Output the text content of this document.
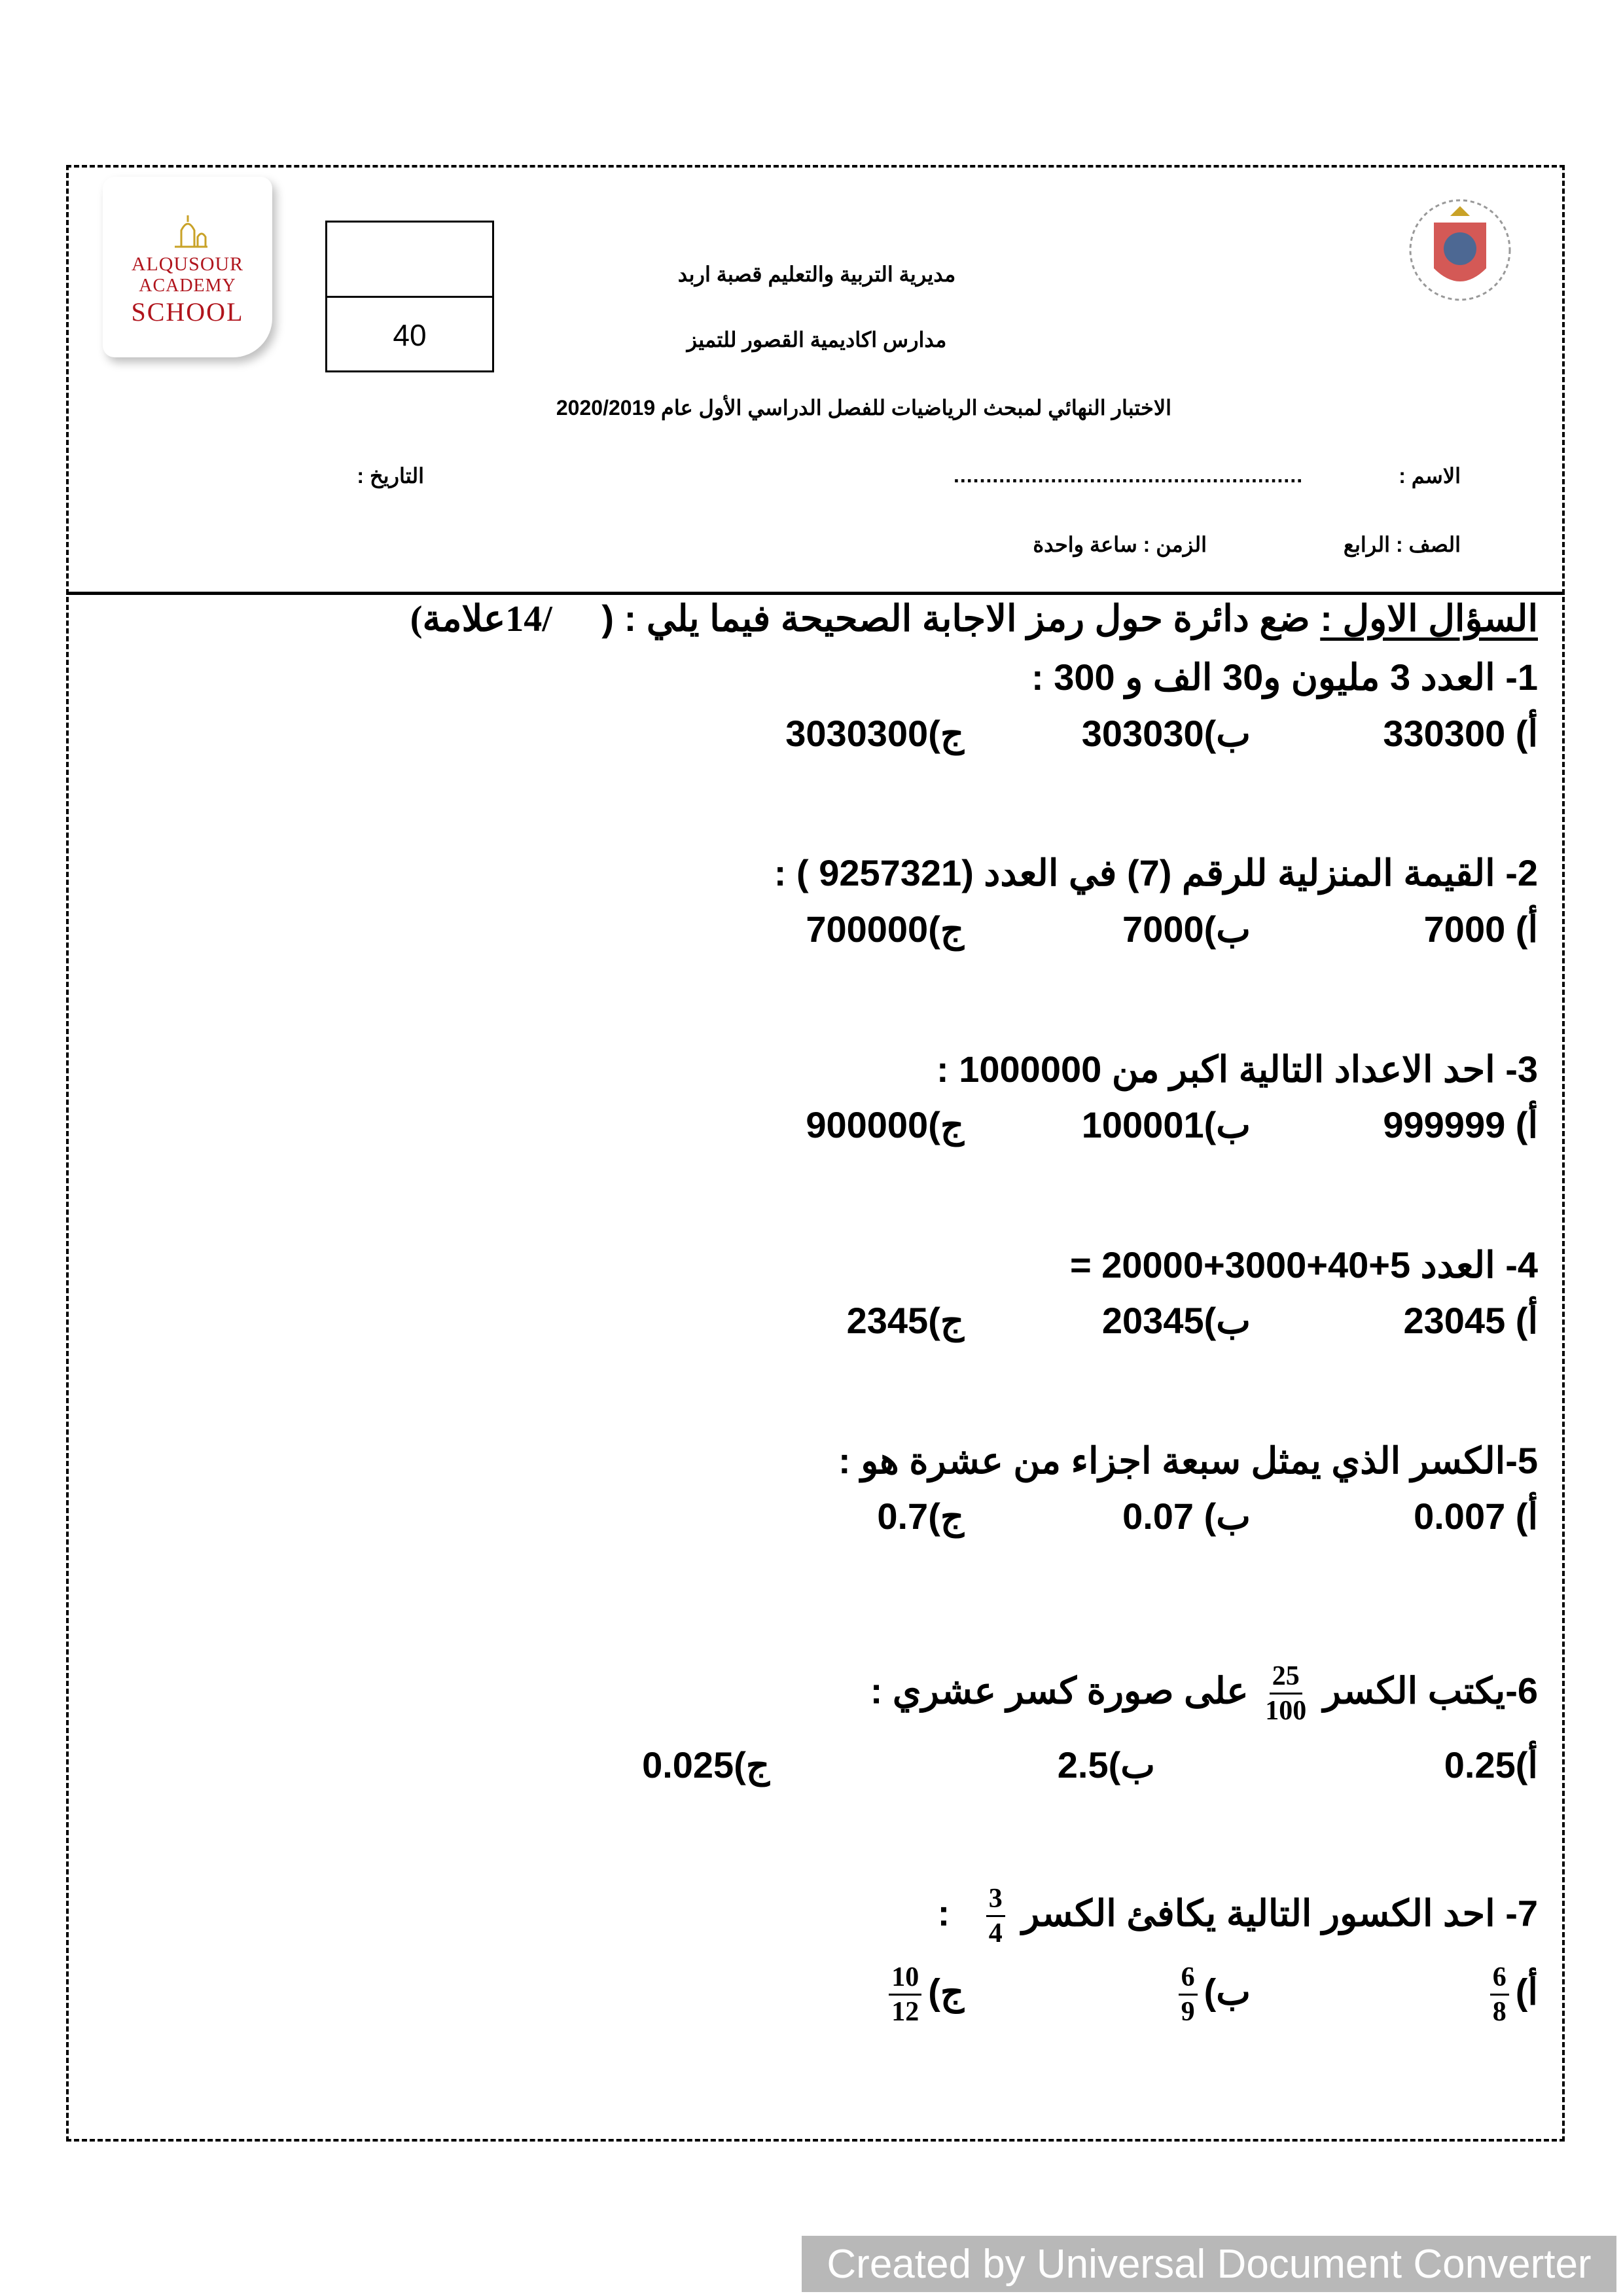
ALQUSOUR
ACADEMY
SCHOOL
40
مديرية التربية والتعليم قصبة اربد
مدارس اكاديمية القصور للتميز
الاختبار النهائي لمبحث الرياضيات للفصل الدراسي الأول عام 2020/2019
الاسم :
......................................................
التاريخ :
الصف : الرابع
الزمن : ساعة واحدة
السؤال الاول : ضع دائرة حول رمز الاجابة الصحيحة فيما يلي : ( /14علامة)
1- العدد 3 مليون و30 الف و 300 :
أ) 330300
ب)303030
ج)3030300
2- القيمة المنزلية للرقم (7) في العدد (9257321 ) :
أ) 7000
ب)7000
ج)700000
3- احد الاعداد التالية اكبر من 1000000 :
أ) 999999
ب)100001
ج)900000
4- العدد 5+40+3000+20000 =
أ) 23045
ب)20345
ج)2345
5-الكسر الذي يمثل سبعة اجزاء من عشرة هو :
أ) 0.007
ب) 0.07
ج)0.7
6-يكتب الكسر
$\frac{25}{100}$
على صورة كسر عشري :
أ)0.25
ب)2.5
ج)0.025
7- احد الكسور التالية يكافئ الكسر
$\frac{3}{4}$
:
أ)
$\frac{6}{8}$
ب)
$\frac{6}{9}$
ج)
$\frac{10}{12}$
Created by Universal Document Converter
